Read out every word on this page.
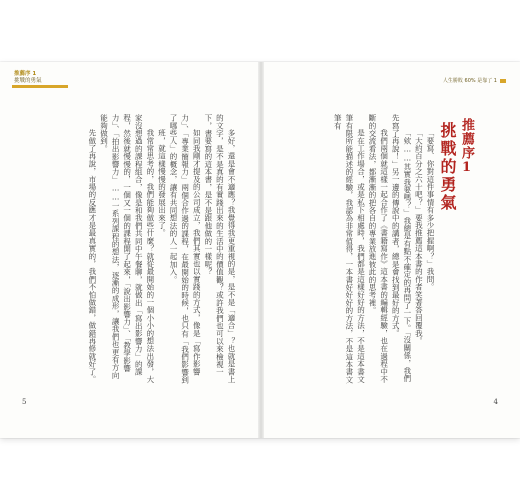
推薦序 1
挑戰的勇氣	人生勝敗 60% 是靠了 1
推薦序1
挑戰的勇氣

「要寫、你對這件事情有多少把握啊？」我問。

「大約百分之六十吧？」要我推薦這本書的作者笑著答回覆我。

「欸……其實我要嗎？」我總是有點不確定的再問了一下。「沒關係，我們先寫了再說！」另一邊的傳說中的講者，總是會找到最好的方式。

我們兩個就這樣一起合作了《書籍寫作》這本書的編輯經驗，也在過程中不斷的交流看法，都漸漸的把各自的專業放進彼此的思考裡。

是在工作場合，或是私下相處時，我們都是這樣好好的方法，不是這本書文筆有限所能描述的經驗，我認為非常值得，一本書好好好的方法，不是這本書文筆有

多好，還是會不適應？我覺得我更重視的是，是不是「適合」？也就是書上的文字，是不是真的有實踐出來的生活中的價值觀？或許我們也可以來檢視一下，書要寫的這本書，是不是跟他做的一樣呢？

如同我剛才提及的公司成立，我們其實也以實踐的方式，像是「寫作影響力」、「專業簡報力」兩個合作過的課程，在最開始的時候，也只有「我們影響到了哪些人」的概念，讓有共同想法的人一起加入。

班，就這樣慢慢的發展出來了。

我常常思考的，我們能夠做些什麼？就從最開始的一個小小的想法出發，大家沒想過的課程組合，像是和我們共同中午餐聊，就做出「寫出影響力」的課程，然後就慢慢的，一個又一個的課程開了起來，「說出影響力」、「教學影響力」、「拍出影響力」……一系列課程的想法，逐漸的成形，讓我們也更有方向能夠做到。

先做了再說，市場的反應才是最真實的，我們不怕做錯，做錯再修就好了。

5	4
